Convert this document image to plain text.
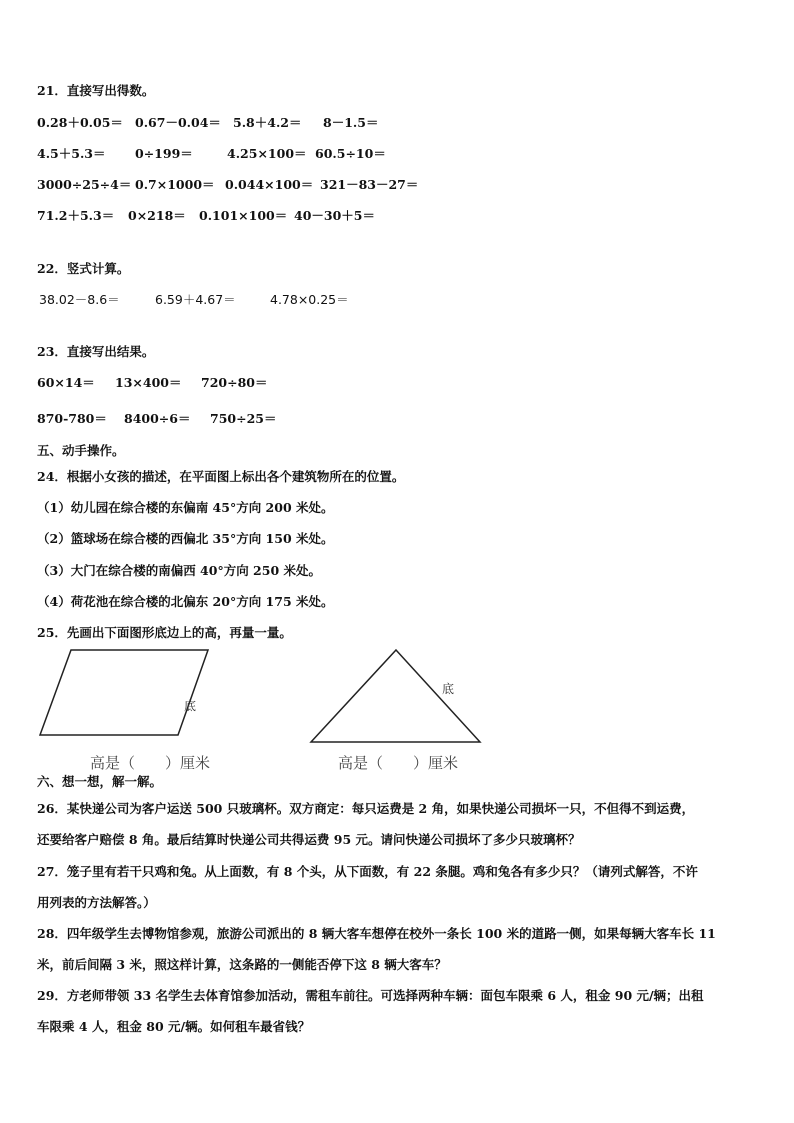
21．直接写出得数。
0.28＋0.05＝ 0.67－0.04＝ 5.8＋4.2＝ 8－1.5＝
4.5＋5.3＝ 0÷199＝	4.25×100＝ 60.5÷10＝
3000÷25÷4＝ 0.7×1000＝ 0.044×100＝ 321－83－27＝
71.2＋5.3＝ 0×218＝ 0.101×100＝ 40－30＋5＝
22．竖式计算。
38.02－8.6＝	6.59＋4.67＝	4.78×0.25＝
23．直接写出结果。
60×14＝ 13×400＝ 720÷80＝
870-780＝ 8400÷6＝ 750÷25＝
五、动手操作。
24．根据小女孩的描述，在平面图上标出各个建筑物所在的位置。
（1）幼儿园在综合楼的东偏南 45°方向 200 米处。
（2）篮球场在综合楼的西偏北 35°方向 150 米处。
（3）大门在综合楼的南偏西 40°方向 250 米处。
（4）荷花池在综合楼的北偏东 20°方向 175 米处。
25．先画出下面图形底边上的高，再量一量。
底
底
高是（　　）厘米	高是（　　）厘米
六、想一想，解一解。

26．某快递公司为客户运送 500 只玻璃杯。双方商定：每只运费是 2 角，如果快递公司损坏一只，不但得不到运费，

还要给客户赔偿 8 角。最后结算时快递公司共得运费 95 元。请问快递公司损坏了多少只玻璃杯？

27．笼子里有若干只鸡和兔。从上面数，有 8 个头，从下面数，有 22 条腿。鸡和兔各有多少只？（请列式解答，不许

用列表的方法解答。）

28．四年级学生去博物馆参观，旅游公司派出的 8 辆大客车想停在校外一条长 100 米的道路一侧，如果每辆大客车长 11

米，前后间隔 3 米，照这样计算，这条路的一侧能否停下这 8 辆大客车？

29．方老师带领 33 名学生去体育馆参加活动，需租车前往。可选择两种车辆：面包车限乘 6 人，租金 90 元/辆；出租

车限乘 4 人，租金 80 元/辆。如何租车最省钱？
